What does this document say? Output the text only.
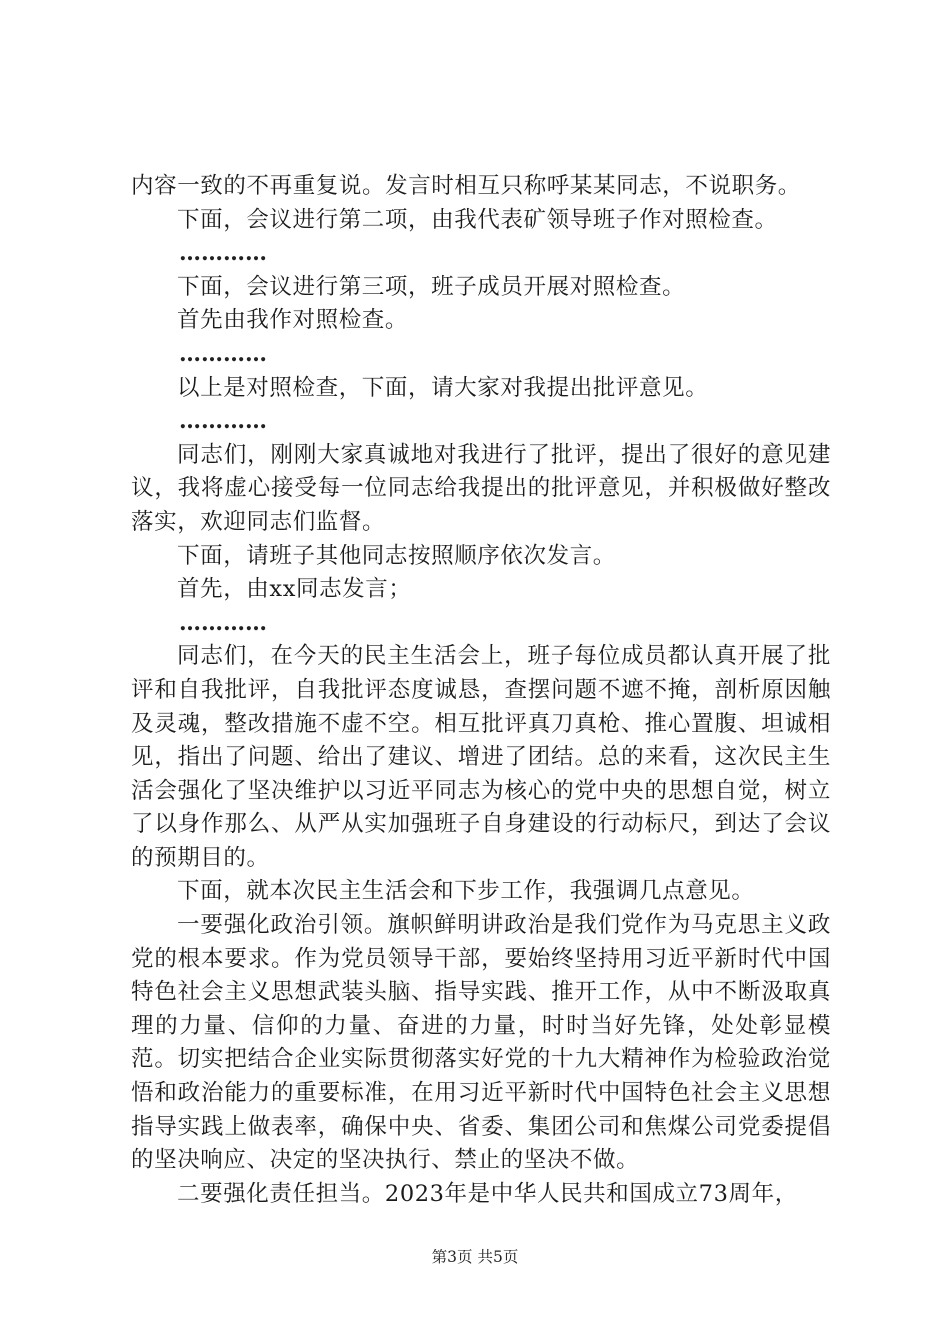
内容一致的不再重复说。发言时相互只称呼某某同志，不说职务。

下面，会议进行第二项，由我代表矿领导班子作对照检查。

…………

下面，会议进行第三项，班子成员开展对照检查。

首先由我作对照检查。

…………

以上是对照检查，下面，请大家对我提出批评意见。

…………

同志们，刚刚大家真诚地对我进行了批评，提出了很好的意见建议，我将虚心接受每一位同志给我提出的批评意见，并积极做好整改落实，欢迎同志们监督。

下面，请班子其他同志按照顺序依次发言。

首先，由xx同志发言；

…………

同志们，在今天的民主生活会上，班子每位成员都认真开展了批评和自我批评，自我批评态度诚恳，查摆问题不遮不掩，剖析原因触及灵魂，整改措施不虚不空。相互批评真刀真枪、推心置腹、坦诚相见，指出了问题、给出了建议、增进了团结。总的来看，这次民主生活会强化了坚决维护以习近平同志为核心的党中央的思想自觉，树立了以身作那么、从严从实加强班子自身建设的行动标尺，到达了会议的预期目的。

下面，就本次民主生活会和下步工作，我强调几点意见。

一要强化政治引领。旗帜鲜明讲政治是我们党作为马克思主义政党的根本要求。作为党员领导干部，要始终坚持用习近平新时代中国特色社会主义思想武装头脑、指导实践、推开工作，从中不断汲取真理的力量、信仰的力量、奋进的力量，时时当好先锋，处处彰显模范。切实把结合企业实际贯彻落实好党的十九大精神作为检验政治觉悟和政治能力的重要标准，在用习近平新时代中国特色社会主义思想指导实践上做表率，确保中央、省委、集团公司和焦煤公司党委提倡的坚决响应、决定的坚决执行、禁止的坚决不做。

二要强化责任担当。2023年是中华人民共和国成立73周年，

第3页 共5页
